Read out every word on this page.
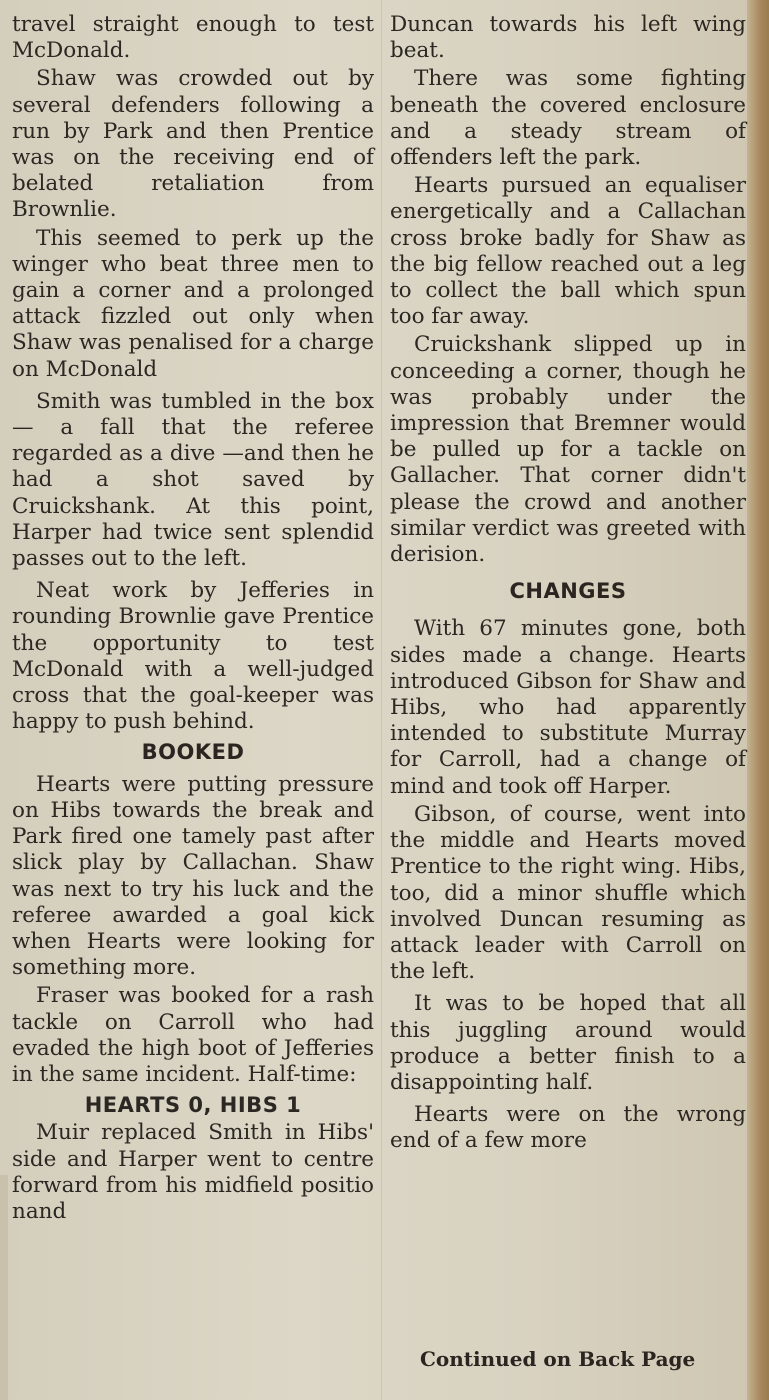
travel straight enough to test McDonald.

Shaw was crowded out by several defenders following a run by Park and then Prentice was on the receiving end of belated retaliation from Brownlie.

This seemed to perk up the winger who beat three men to gain a corner and a prolonged attack fizzled out only when Shaw was penalised for a charge on McDonald

Smith was tumbled in the box — a fall that the referee regarded as a dive —and then he had a shot saved by Cruickshank. At this point, Harper had twice sent splendid passes out to the left.

Neat work by Jefferies in rounding Brownlie gave Prentice the opportunity to test McDonald with a well-judged cross that the goal-keeper was happy to push behind.

BOOKED

Hearts were putting pressure on Hibs towards the break and Park fired one tamely past after slick play by Callachan. Shaw was next to try his luck and the referee awarded a goal kick when Hearts were looking for something more.

Fraser was booked for a rash tackle on Carroll who had evaded the high boot of Jefferies in the same incident. Half-time:

HEARTS 0, HIBS 1

Muir replaced Smith in Hibs' side and Harper went to centre forward from his midfield positio nand

Duncan towards his left wing beat.

There was some fighting beneath the covered enclosure and a steady stream of offenders left the park.

Hearts pursued an equaliser energetically and a Callachan cross broke badly for Shaw as the big fellow reached out a leg to collect the ball which spun too far away.

Cruickshank slipped up in conceeding a corner, though he was probably under the impression that Bremner would be pulled up for a tackle on Gallacher. That corner didn't please the crowd and another similar verdict was greeted with derision.

CHANGES

With 67 minutes gone, both sides made a change. Hearts introduced Gibson for Shaw and Hibs, who had apparently intended to substitute Murray for Carroll, had a change of mind and took off Harper.

Gibson, of course, went into the middle and Hearts moved Prentice to the right wing. Hibs, too, did a minor shuffle which involved Duncan resuming as attack leader with Carroll on the left.

It was to be hoped that all this juggling around would produce a better finish to a disappointing half.

Hearts were on the wrong end of a few more

Continued on Back Page
